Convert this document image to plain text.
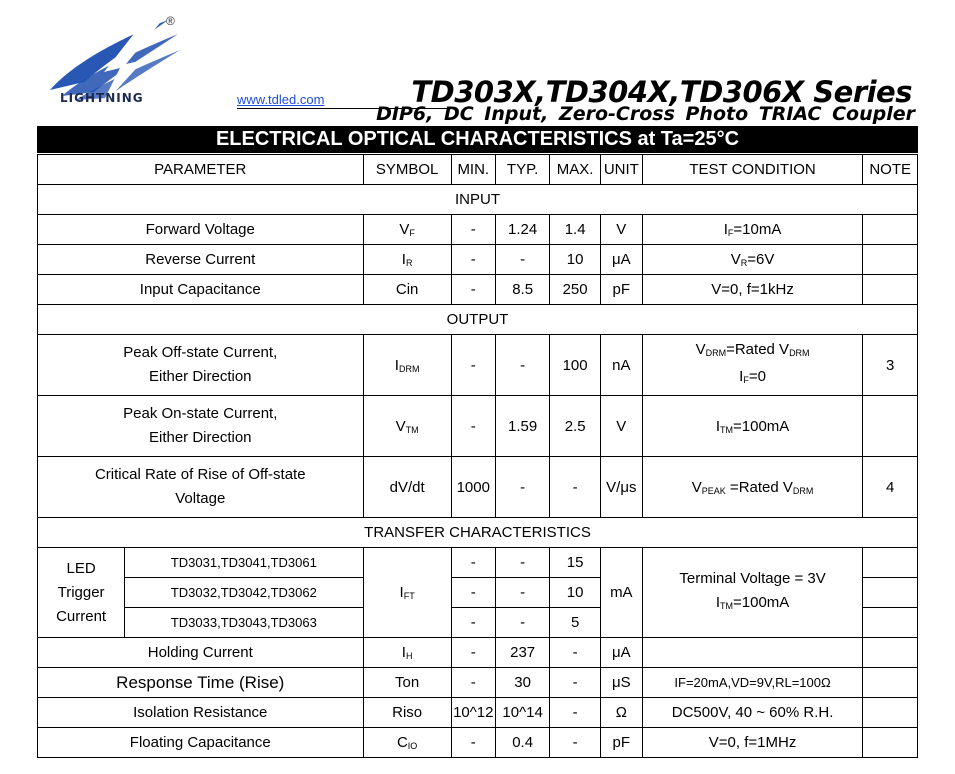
®
LIGHTNING	www.tdled.com	TD303X,TD304X,TD306X Series
DIP6, DC Input, Zero-Cross Photo TRIAC Coupler
ELECTRICAL OPTICAL CHARACTERISTICS at Ta=25°C
PARAMETER		SYMBOL	MIN.	TYP.	MAX.	UNIT	TEST CONDITION	NOTE
INPUT								
Forward Voltage		$V_F$	-	1.24	1.4	V	$I_F=10mA$	
Reverse Current		$I_R$	-	-	10	μA	$V_R=6V$	
Input Capacitance		Cin	-	8.5	250	pF	V=0, f=1kHz	
OUTPUT								
Peak Off-state Current,
Either Direction		$I_{DRM}$	-	-	100	nA	$V_{DRM}=Rated$ $V_{DRM}$
$I_F=0$	3
Peak On-state Current,
Either Direction		$V_{TM}$	-	1.59	2.5	V	$I_{TM}=100mA$	
Critical Rate of Rise of Off-state
Voltage		dV/dt	1000	-	-	V/μs	$V_{PEAK}$ =Rated $V_{DRM}$	4
TRANSFER CHARACTERISTICS								
LED
Trigger
Current	TD3031,TD3041,TD3061	$I_{FT}$	-	-	15	mA	Terminal Voltage = 3V
$I_{TM}=100mA$	
	TD3032,TD3042,TD3062		-	-	10			
	TD3033,TD3043,TD3063		-	-	5			
Holding Current		$I_H$	-	237	-	μA		
Response Time (Rise)		Ton	-	30	-	μS	IF=20mA,VD=9V,RL=100Ω	
Isolation Resistance		Riso	10^12	10^14	-	Ω	DC500V, 40 ~ 60% R.H.	
Floating Capacitance		$C_{IO}$	-	0.4	-	pF	V=0, f=1MHz	
